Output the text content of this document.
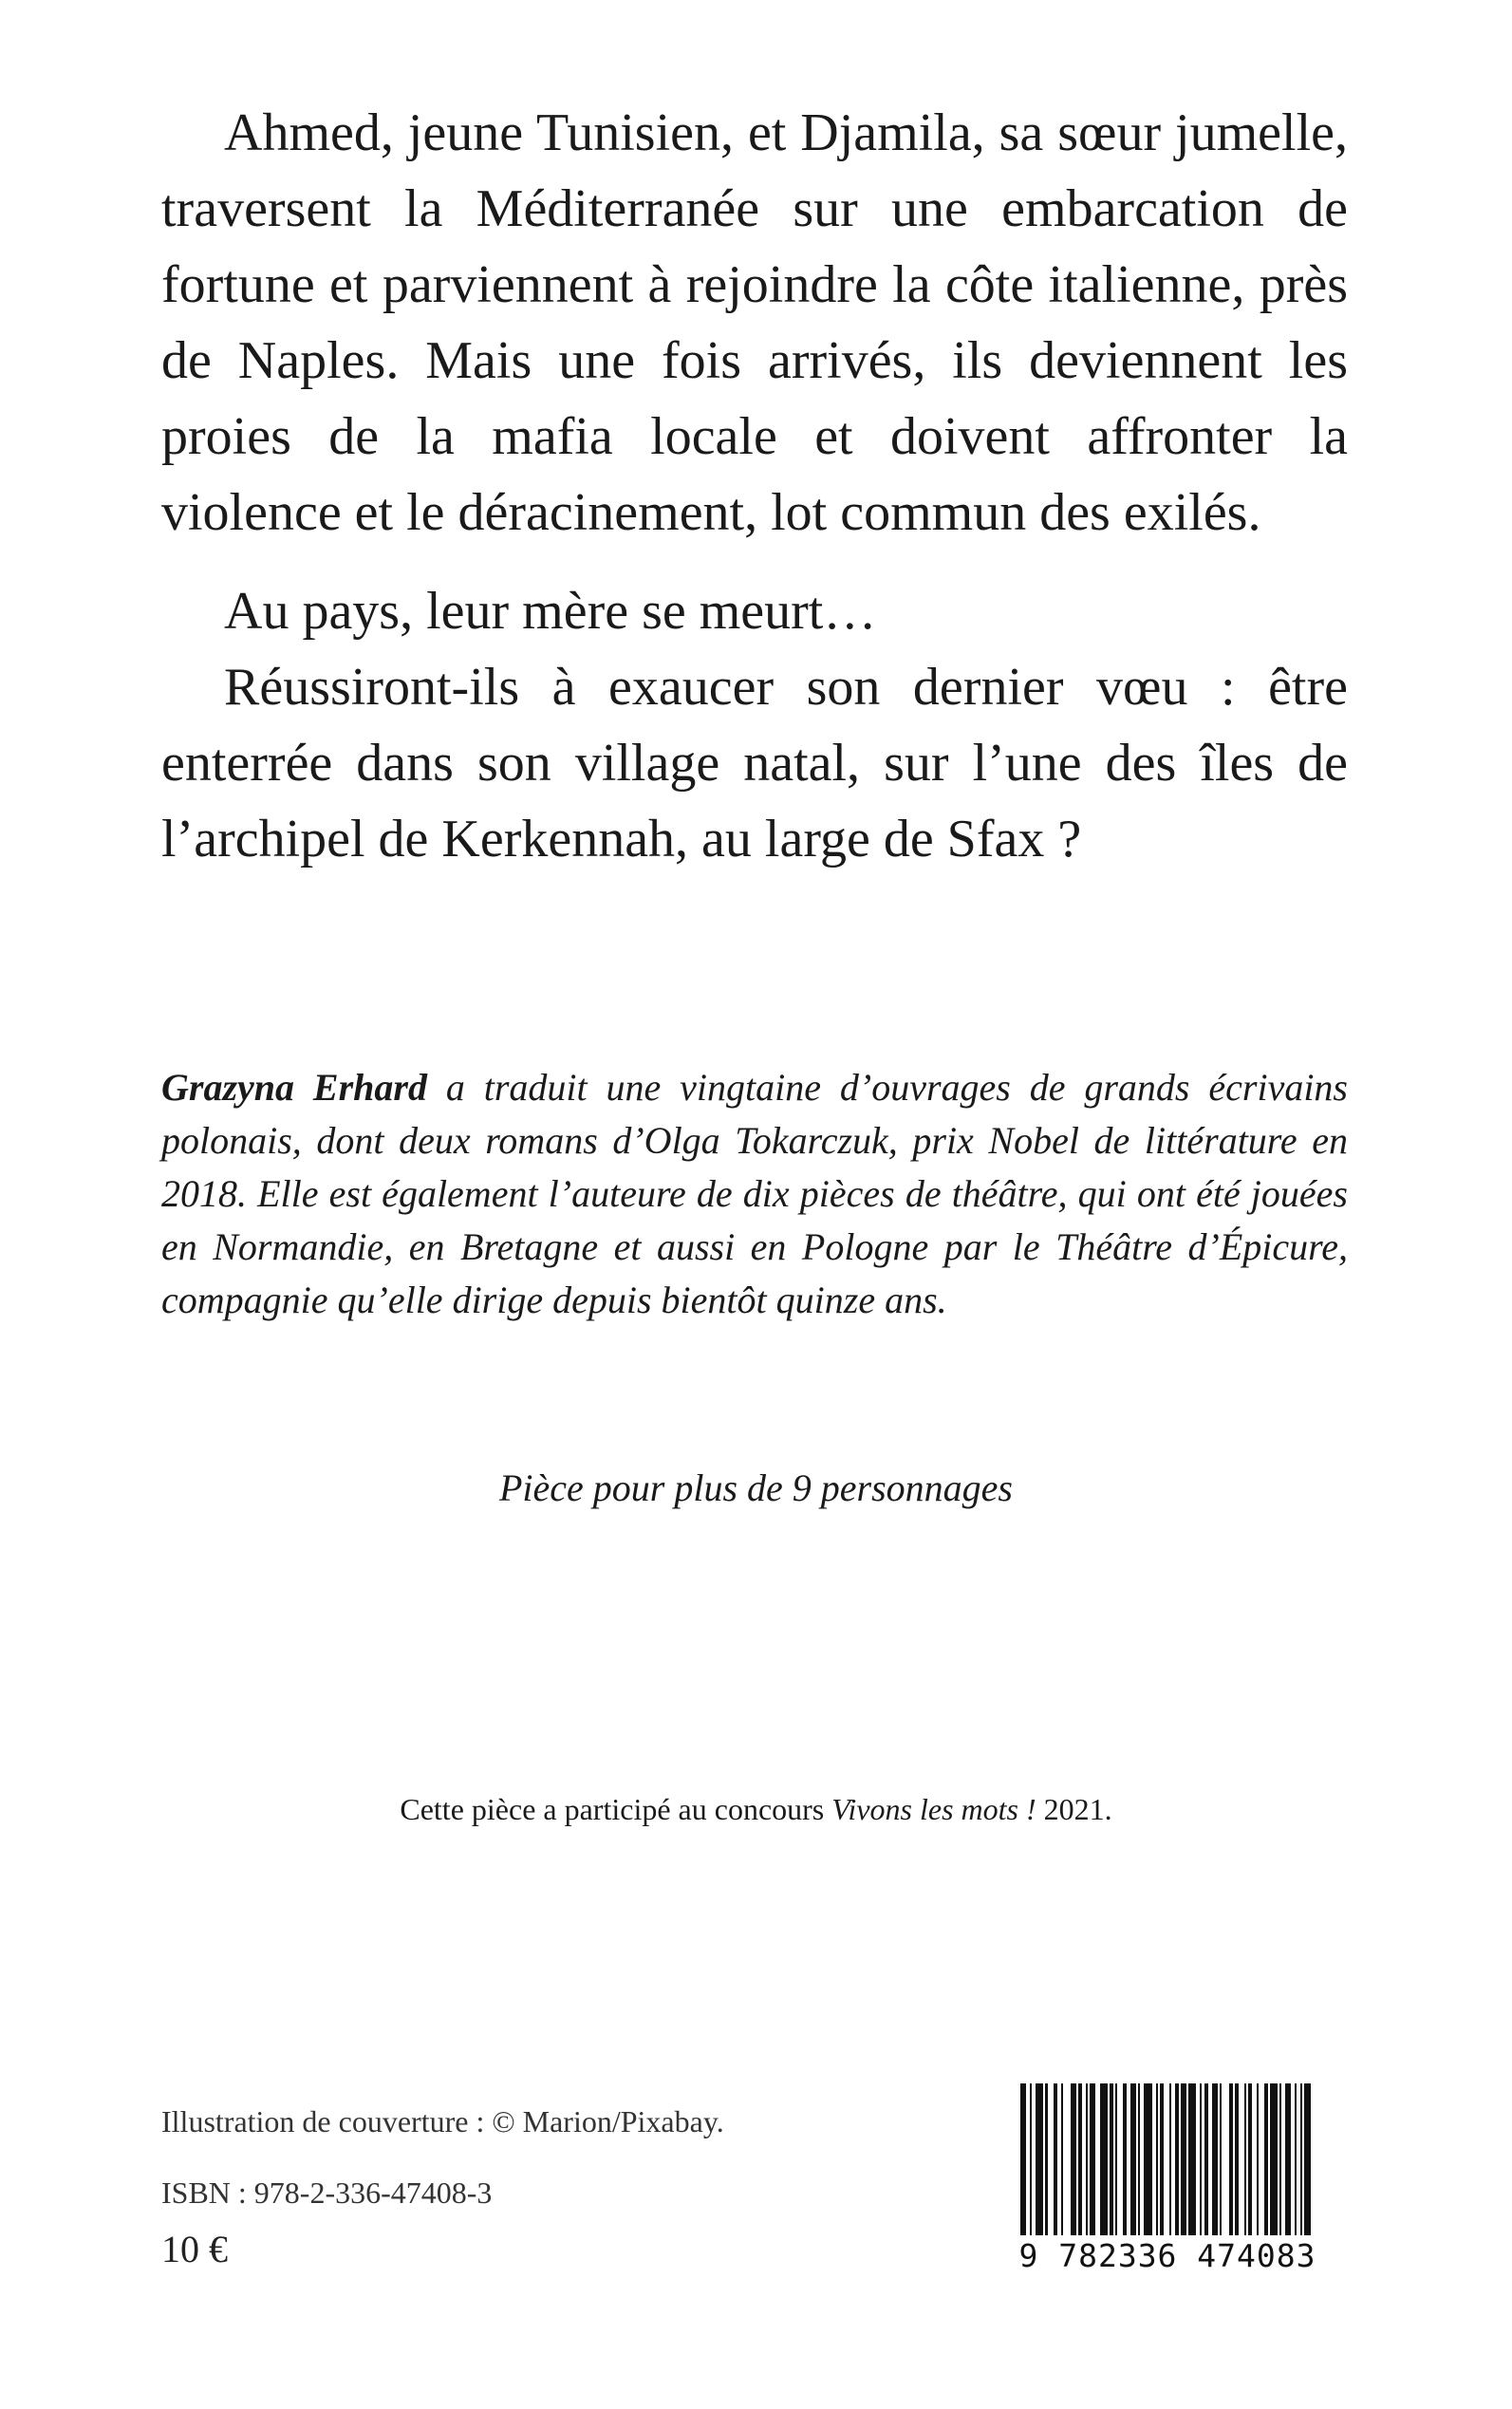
Ahmed, jeune Tunisien, et Djamila, sa sœur jumelle, traversent la Méditerranée sur une embarcation de fortune et parviennent à rejoindre la côte italienne, près de Naples. Mais une fois arrivés, ils deviennent les proies de la mafia locale et doivent affronter la violence et le déracinement, lot commun des exilés.

Au pays, leur mère se meurt…

Réussiront-ils à exaucer son dernier vœu : être enterrée dans son village natal, sur l’une des îles de l’archipel de Kerkennah, au large de Sfax ?

Grazyna Erhard a traduit une vingtaine d’ouvrages de grands écrivains polonais, dont deux romans d’Olga Tokarczuk, prix Nobel de littérature en 2018. Elle est également l’auteure de dix pièces de théâtre, qui ont été jouées en Normandie, en Bretagne et aussi en Pologne par le Théâtre d’Épicure, compagnie qu’elle dirige depuis bientôt quinze ans.

Pièce pour plus de 9 personnages

Cette pièce a participé au concours Vivons les mots ! 2021.

Illustration de couverture : © Marion/Pixabay.

ISBN : 978-2-336-47408-3

10 €	9 782336 474083
